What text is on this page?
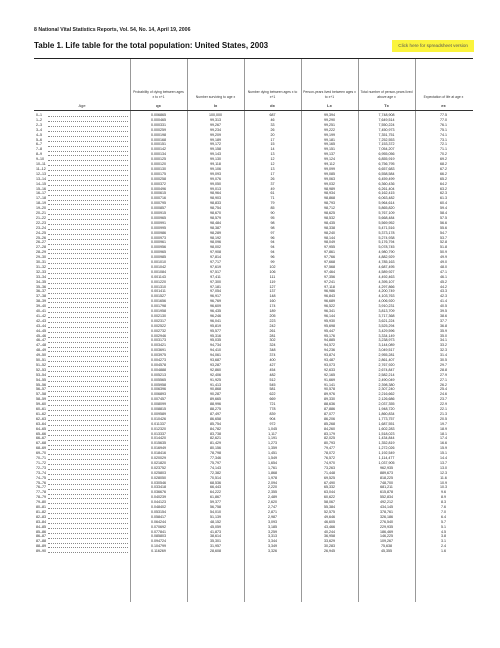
8 National Vital Statistics Reports, Vol. 54, No. 14, April 19, 2006
Table 1. Life table for the total population: United States, 2003	Click here for spreadsheet version
Age
Probability of dying between ages x to x+1
qx
Number surviving to age x
lx
Number dying between ages x to x+1
dx
Person-years lived between ages x to x+1
Lx
Total number of person-years lived above age x
Tx
Expectation of life at age x
ex
0–1	0.006865	100,000	687	99,394	7,748,908	77.5
1–2	0.000465	99,313	46	99,290	7,649,514	77.0
2–3	0.000331	99,267	33	99,251	7,550,224	76.1
3–4	0.000259	99,234	26	99,222	7,450,973	75.1
4–5	0.000198	99,209	20	99,199	7,351,751	74.1
5–6	0.000168	99,189	17	99,181	7,252,553	73.1
6–7	0.000151	99,172	15	99,165	7,153,372	72.1
7–8	0.000142	99,158	14	99,151	7,054,207	71.1
8–9	0.000134	99,143	13	99,137	6,955,056	70.2
9–10	0.000125	99,130	12	99,124	6,855,919	69.2
10–11	0.000120	99,118	12	99,112	6,756,795	68.2
11–12	0.000130	99,106	13	99,099	6,657,683	67.2
12–13	0.000175	99,093	17	99,085	6,558,584	66.2
13–14	0.000258	99,076	26	99,063	6,459,499	65.2
14–15	0.000372	99,050	37	99,032	6,360,436	64.2
15–16	0.000496	99,013	49	98,989	6,261,404	63.2
16–17	0.000615	98,964	61	98,934	6,162,415	62.3
17–18	0.000716	98,903	71	98,868	6,063,482	61.3
18–19	0.000795	98,833	79	98,793	5,964,614	60.4
19–20	0.000857	98,754	85	98,712	5,865,820	59.4
20–21	0.000915	98,670	90	98,625	5,767,109	58.4
21–22	0.000965	98,579	95	98,532	5,668,484	57.5
22–23	0.000991	98,484	98	98,435	5,569,952	56.6
23–24	0.000995	98,387	98	98,338	5,471,516	55.6
24–25	0.000986	98,289	97	98,240	5,373,178	54.7
25–26	0.000973	98,192	96	98,144	5,274,938	53.7
26–27	0.000961	98,096	94	98,049	5,176,794	52.8
27–28	0.000956	98,002	94	97,955	5,078,745	51.8
28–29	0.000965	97,908	94	97,861	4,980,790	50.9
29–30	0.000985	97,814	96	97,766	4,882,929	49.9
30–31	0.001010	97,717	99	97,668	4,785,163	49.0
31–32	0.001042	97,619	102	97,568	4,687,495	48.0
32–33	0.001084	97,517	106	97,464	4,589,927	47.1
33–34	0.001143	97,411	111	97,356	4,492,463	46.1
34–35	0.001220	97,300	119	97,241	4,395,107	45.2
35–36	0.001310	97,181	127	97,118	4,297,866	44.2
36–37	0.001411	97,054	137	96,986	4,200,749	43.3
37–38	0.001527	96,917	148	96,843	4,103,763	42.3
38–39	0.001656	96,769	160	96,689	4,006,920	41.4
39–40	0.001798	96,609	174	96,522	3,910,231	40.5
40–41	0.001958	96,435	189	96,341	3,813,709	39.5
41–42	0.002130	96,246	205	96,144	3,717,368	38.6
42–43	0.002317	96,041	223	95,930	3,621,224	37.7
43–44	0.002522	95,819	242	95,698	3,525,294	36.8
44–45	0.002732	95,577	261	95,447	3,429,596	35.9
45–46	0.002946	95,316	281	95,176	3,334,149	35.0
46–47	0.003173	95,035	302	94,885	3,238,973	34.1
47–48	0.003421	94,734	324	94,572	3,144,089	33.2
48–49	0.003691	94,410	348	94,236	3,049,517	32.3
49–50	0.003975	94,061	374	93,874	2,955,281	31.4
50–51	0.004273	93,687	400	93,487	2,861,407	30.5
51–52	0.004578	93,287	427	93,073	2,767,920	29.7
52–53	0.004888	92,860	454	92,633	2,674,847	28.8
53–54	0.005213	92,406	482	92,165	2,582,214	27.9
54–55	0.005565	91,925	512	91,669	2,490,049	27.1
55–56	0.005958	91,413	545	91,141	2,398,380	26.2
56–57	0.006396	90,868	581	90,578	2,307,240	25.4
57–58	0.006893	90,287	622	89,976	2,216,662	24.6
58–59	0.007457	89,665	669	89,330	2,126,686	23.7
59–60	0.008099	88,996	721	88,636	2,037,355	22.9
60–61	0.008815	88,275	778	87,886	1,948,720	22.1
61–62	0.009589	87,497	839	87,077	1,860,834	21.3
62–63	0.010426	86,658	904	86,206	1,773,757	20.5
63–64	0.011337	85,754	972	85,268	1,687,551	19.7
64–65	0.012320	84,782	1,045	84,260	1,602,283	18.9
65–66	0.013337	83,738	1,117	83,179	1,518,023	18.1
66–67	0.014420	82,621	1,191	82,025	1,434,844	17.4
67–68	0.015635	81,429	1,273	80,793	1,352,819	16.6
68–69	0.016949	80,156	1,359	79,477	1,272,026	15.9
69–70	0.018416	78,798	1,451	78,072	1,192,549	15.1
70–71	0.020029	77,346	1,549	76,572	1,114,477	14.4
71–72	0.021820	75,797	1,654	74,970	1,037,905	13.7
72–73	0.023752	74,143	1,761	73,263	962,935	13.0
73–74	0.025803	72,382	1,868	71,448	889,673	12.3
74–75	0.028050	70,514	1,978	69,525	818,225	11.6
75–76	0.030546	68,536	2,094	67,490	748,700	10.9
76–77	0.033418	66,443	2,220	65,332	681,211	10.3
77–78	0.036676	64,222	2,355	63,044	615,878	9.6
78–79	0.040239	61,867	2,489	60,622	552,834	8.9
79–80	0.044123	59,377	2,620	58,067	492,212	8.3
80–81	0.048402	56,758	2,747	55,384	434,145	7.6
81–82	0.053154	54,010	2,871	52,575	378,761	7.0
82–83	0.058417	51,139	2,987	49,646	326,186	6.4
83–84	0.064244	48,152	3,093	46,605	276,540	5.7
84–85	0.070692	45,059	3,185	43,466	229,935	5.1
85–86	0.077841	41,873	3,259	40,244	186,469	4.5
86–87	0.085803	38,614	3,313	36,958	146,225	3.8
87–88	0.094724	35,301	3,344	33,629	109,267	3.1
88–89	0.104799	31,957	3,349	30,283	75,638	2.4
89–90	0.116269	28,608	3,326	26,945	45,355	1.6
